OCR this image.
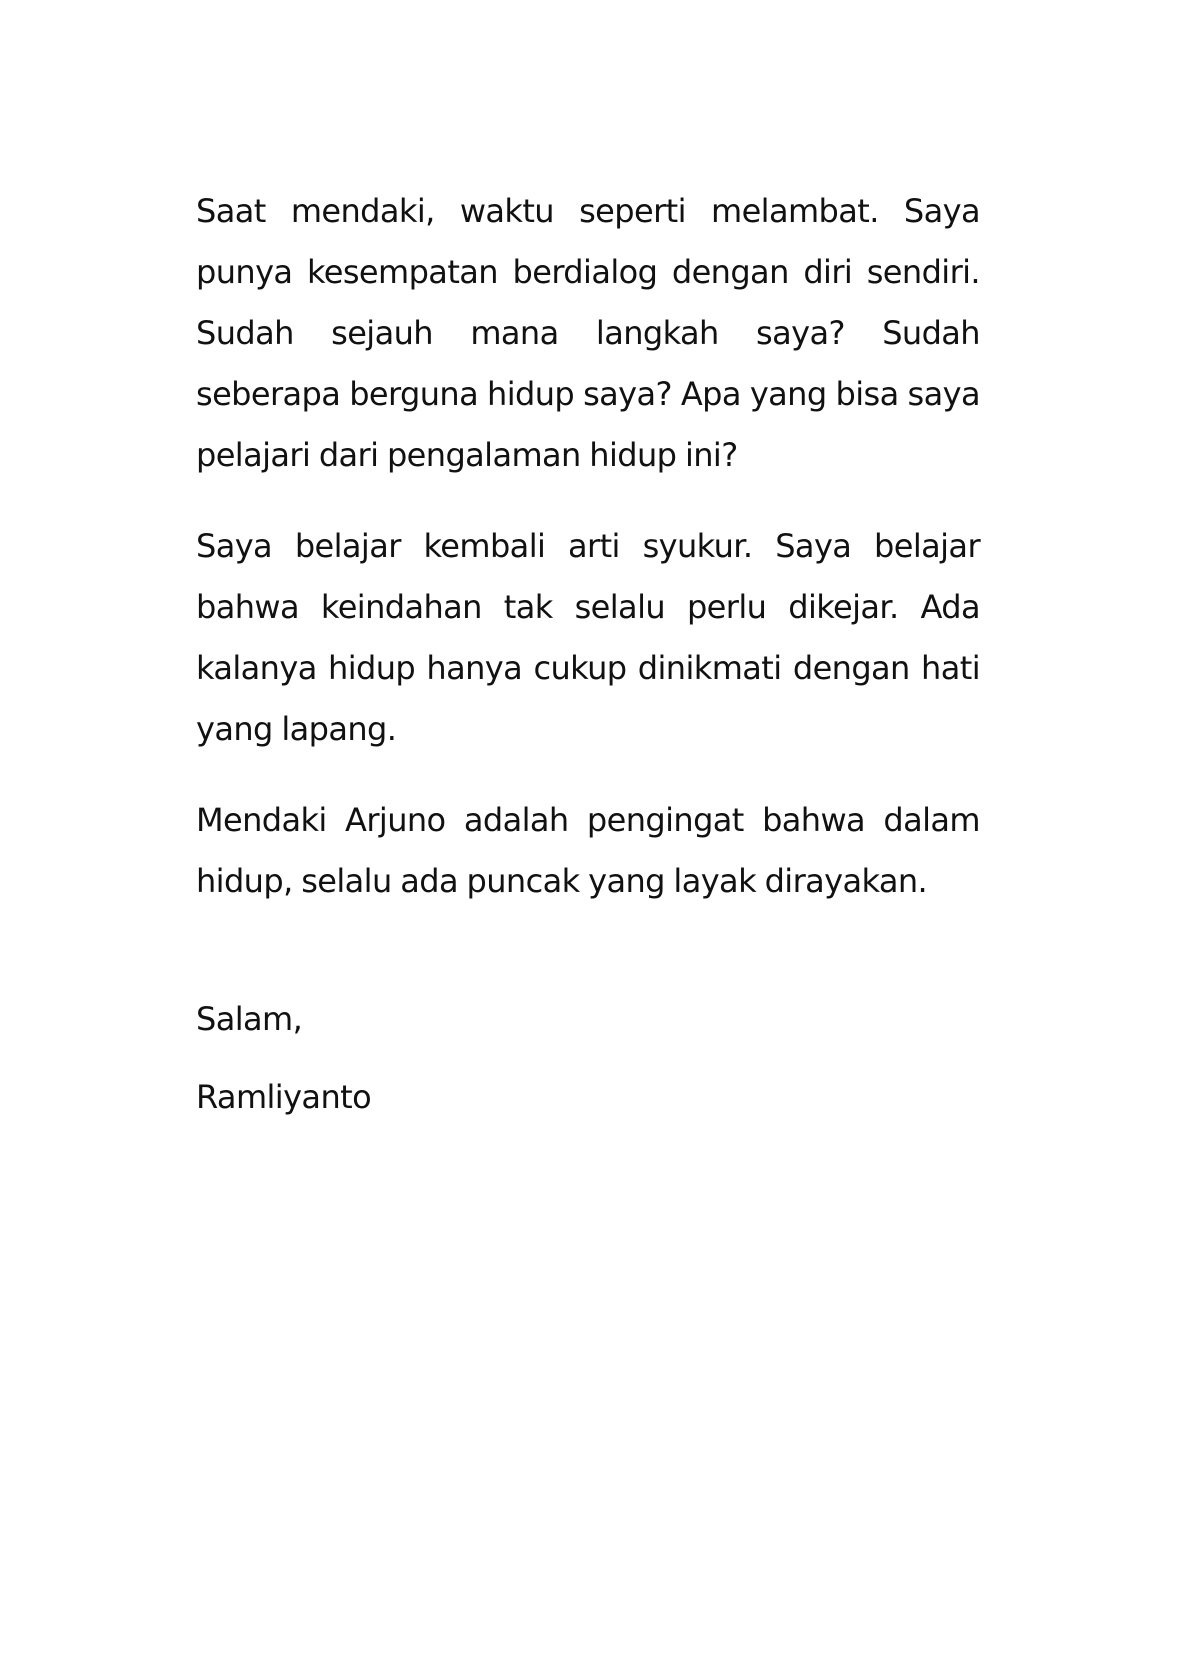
Saat mendaki, waktu seperti melambat. Saya punya kesempatan berdialog dengan diri sendiri. Sudah sejauh mana langkah saya? Sudah seberapa berguna hidup saya? Apa yang bisa saya pelajari dari pengalaman hidup ini?

Saya belajar kembali arti syukur. Saya belajar bahwa keindahan tak selalu perlu dikejar. Ada kalanya hidup hanya cukup dinikmati dengan hati yang lapang.

Mendaki Arjuno adalah pengingat bahwa dalam hidup, selalu ada puncak yang layak dirayakan.

Salam,

Ramliyanto
